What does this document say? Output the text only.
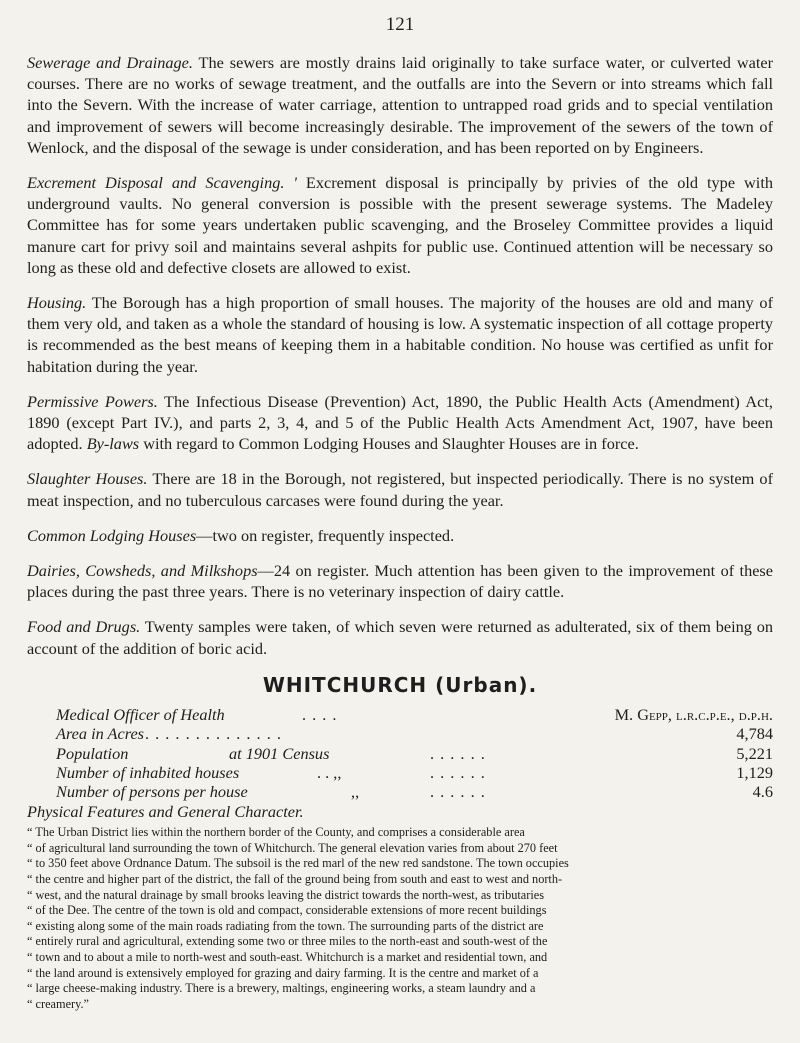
121

Sewerage and Drainage. The sewers are mostly drains laid originally to take surface water, or culverted water courses. There are no works of sewage treatment, and the outfalls are into the Severn or into streams which fall into the Severn. With the increase of water carriage, attention to untrapped road grids and to special ventilation and improvement of sewers will become increasingly desirable. The improvement of the sewers of the town of Wenlock, and the disposal of the sewage is under consideration, and has been reported on by Engineers.

Excrement Disposal and Scavenging. ' Excrement disposal is principally by privies of the old type with underground vaults. No general conversion is possible with the present sewerage systems. The Madeley Committee has for some years undertaken public scavenging, and the Broseley Committee provides a liquid manure cart for privy soil and maintains several ashpits for public use. Continued attention will be necessary so long as these old and defective closets are allowed to exist.

Housing. The Borough has a high proportion of small houses. The majority of the houses are old and many of them very old, and taken as a whole the standard of housing is low. A systematic inspection of all cottage property is recommended as the best means of keeping them in a habitable condition. No house was certified as unfit for habitation during the year.

Permissive Powers. The Infectious Disease (Prevention) Act, 1890, the Public Health Acts (Amendment) Act, 1890 (except Part IV.), and parts 2, 3, 4, and 5 of the Public Health Acts Amendment Act, 1907, have been adopted. By-laws with regard to Common Lodging Houses and Slaughter Houses are in force.

Slaughter Houses. There are 18 in the Borough, not registered, but inspected periodically. There is no system of meat inspection, and no tuberculous carcases were found during the year.

Common Lodging Houses—two on register, frequently inspected.

Dairies, Cowsheds, and Milkshops—24 on register. Much attention has been given to the improvement of these places during the past three years. There is no veterinary inspection of dairy cattle.

Food and Drugs. Twenty samples were taken, of which seven were returned as adulterated, six of them being on account of the addition of boric acid.

WHITCHURCH (Urban).
Medical Officer of Health	. . . .	M. Gepp, l.r.c.p.e., d.p.h.
Area in Acres . . . . . . . . . . . . . .	4,784
Population	at 1901 Census	. . . . . .	5,221
Number of inhabited houses	. . ,,	. . . . . .	1,129
Number of persons per house	,,	. . . . . .	4.6
Physical Features and General Character.
“ The Urban District lies within the northern border of the County, and comprises a considerable area
“ of agricultural land surrounding the town of Whitchurch. The general elevation varies from about 270 feet
“ to 350 feet above Ordnance Datum. The subsoil is the red marl of the new red sandstone. The town occupies
“ the centre and higher part of the district, the fall of the ground being from south and east to west and north-
“ west, and the natural drainage by small brooks leaving the district towards the north-west, as tributaries
“ of the Dee. The centre of the town is old and compact, considerable extensions of more recent buildings
“ existing along some of the main roads radiating from the town. The surrounding parts of the district are
“ entirely rural and agricultural, extending some two or three miles to the north-east and south-west of the
“ town and to about a mile to north-west and south-east. Whitchurch is a market and residential town, and
“ the land around is extensively employed for grazing and dairy farming. It is the centre and market of a
“ large cheese-making industry. There is a brewery, maltings, engineering works, a steam laundry and a
“ creamery.”
